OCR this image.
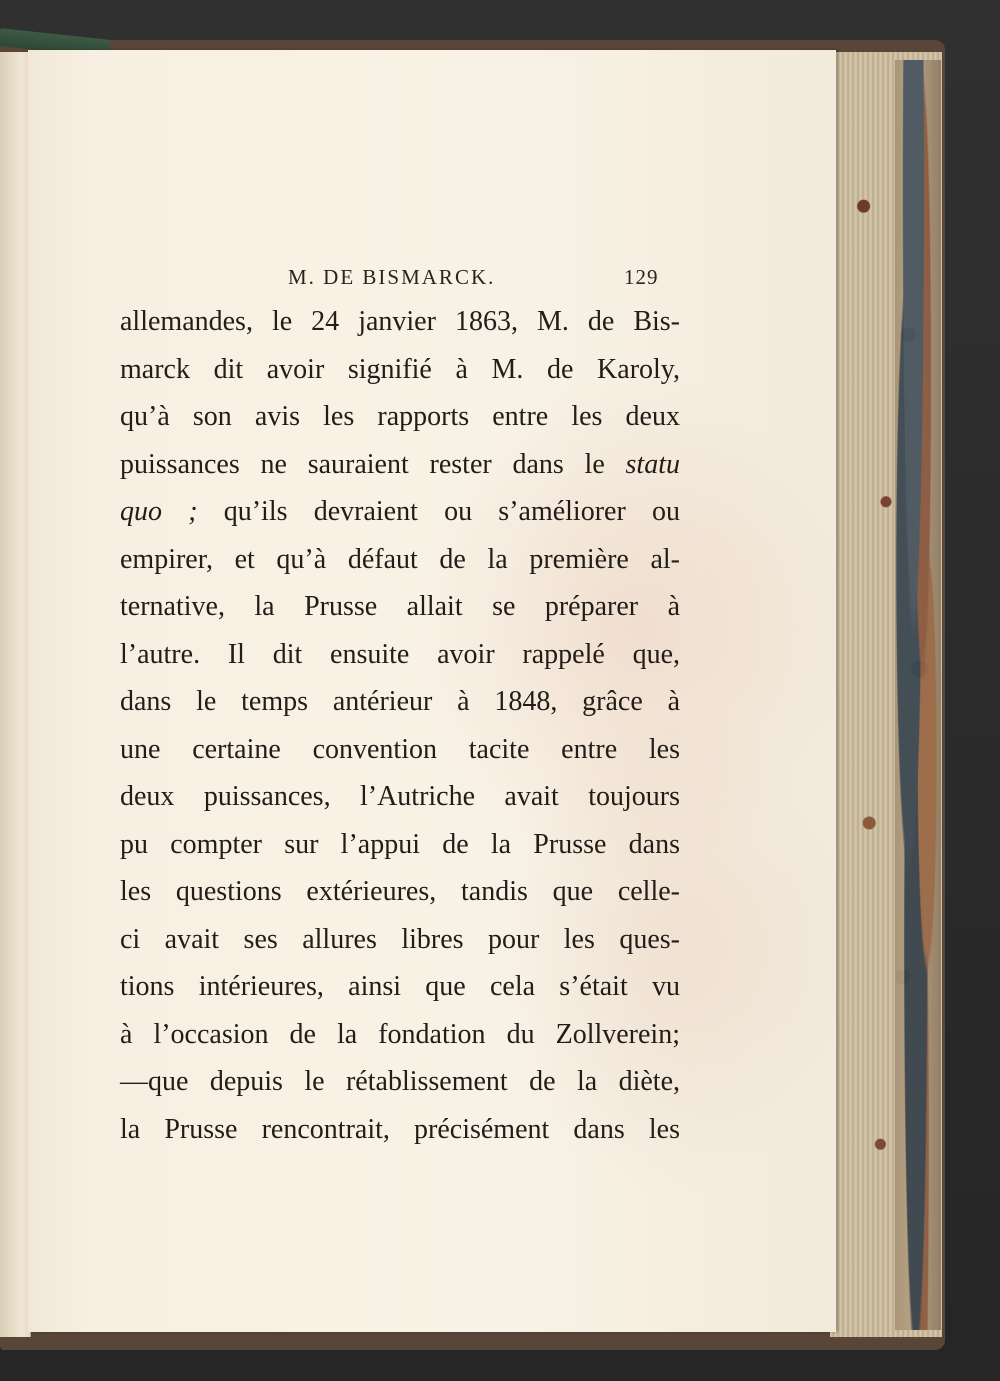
M. DE BISMARCK.	129
allemandes, le 24 janvier 1863, M. de Bis-
marck dit avoir signifié à M. de Karoly,
qu’à son avis les rapports entre les deux
puissances ne sauraient rester dans le statu
quo ; qu’ils devraient ou s’améliorer ou
empirer, et qu’à défaut de la première al-
ternative, la Prusse allait se préparer à
l’autre. Il dit ensuite avoir rappelé que,
dans le temps antérieur à 1848, grâce à
une certaine convention tacite entre les
deux puissances, l’Autriche avait toujours
pu compter sur l’appui de la Prusse dans
les questions extérieures, tandis que celle-
ci avait ses allures libres pour les ques-
tions intérieures, ainsi que cela s’était vu
à l’occasion de la fondation du Zollverein;
—que depuis le rétablissement de la diète,
la Prusse rencontrait, précisément dans les
